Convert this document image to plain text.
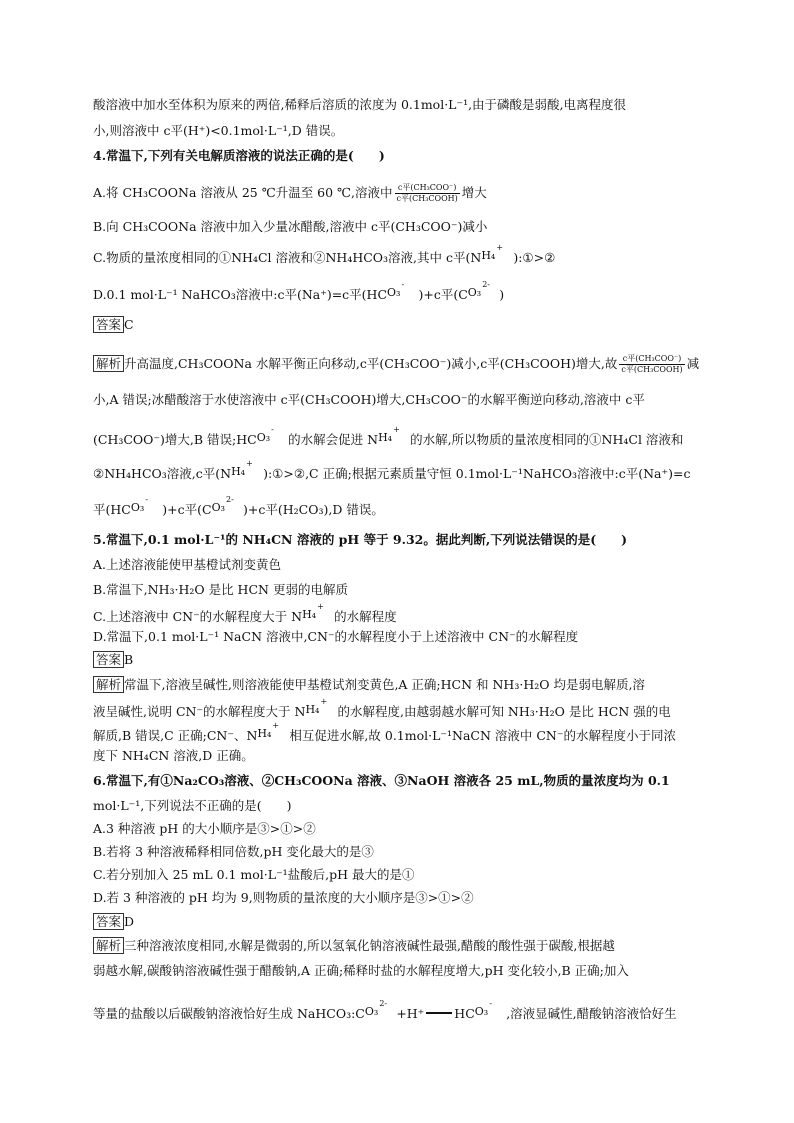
酸溶液中加水至体积为原来的两倍,稀释后溶质的浓度为 0.1mol·L⁻¹,由于磷酸是弱酸,电离程度很
小,则溶液中 c平(H⁺)<0.1mol·L⁻¹,D 错误。
4.常温下,下列有关电解质溶液的说法正确的是(　　)
A.将 CH₃COONa 溶液从 25 ℃升温至 60 ℃,溶液中 $\frac{\text{c平(CH₃COO⁻)}}{\text{c平(CH₃COOH)}}$ 增大
B.向 CH₃COONa 溶液中加入少量冰醋酸,溶液中 c平(CH₃COO⁻)减小
C.物质的量浓度相同的①NH₄Cl 溶液和②NH₄HCO₃溶液,其中 c平(NH₄
+
):①>②
D.0.1 mol·L⁻¹ NaHCO₃溶液中:c平(Na⁺)=c平(HCO₃
-
)+c平(CO₃
2-
)
答案 C
解析 升高温度,CH₃COONa 水解平衡正向移动,c平(CH₃COO⁻)减小,c平(CH₃COOH)增大,故 $\frac{\text{c平(CH₃COO⁻)}}{\text{c平(CH₃COOH)}}$ 减
小,A 错误;冰醋酸溶于水使溶液中 c平(CH₃COOH)增大,CH₃COO⁻的水解平衡逆向移动,溶液中 c平
(CH₃COO⁻)增大,B 错误;HCO₃
-
的水解会促进 NH₄
+
的水解,所以物质的量浓度相同的①NH₄Cl 溶液和
②NH₄HCO₃溶液,c平(NH₄
+
):①>②,C 正确;根据元素质量守恒 0.1mol·L⁻¹NaHCO₃溶液中:c平(Na⁺)=c
平(HCO₃
-
)+c平(CO₃
2-
)+c平(H₂CO₃),D 错误。
5.常温下,0.1 mol·L⁻¹的 NH₄CN 溶液的 pH 等于 9.32。据此判断,下列说法错误的是(　　)
A.上述溶液能使甲基橙试剂变黄色
B.常温下,NH₃·H₂O 是比 HCN 更弱的电解质
C.上述溶液中 CN⁻的水解程度大于 NH₄
+
的水解程度
D.常温下,0.1 mol·L⁻¹ NaCN 溶液中,CN⁻的水解程度小于上述溶液中 CN⁻的水解程度
答案 B
解析 常温下,溶液呈碱性,则溶液能使甲基橙试剂变黄色,A 正确;HCN 和 NH₃·H₂O 均是弱电解质,溶
液呈碱性,说明 CN⁻的水解程度大于 NH₄
+
的水解程度,由越弱越水解可知 NH₃·H₂O 是比 HCN 强的电
解质,B 错误,C 正确;CN⁻、NH₄
+
相互促进水解,故 0.1mol·L⁻¹NaCN 溶液中 CN⁻的水解程度小于同浓
度下 NH₄CN 溶液,D 正确。
6.常温下,有①Na₂CO₃溶液、②CH₃COONa 溶液、③NaOH 溶液各 25 mL,物质的量浓度均为 0.1
mol·L⁻¹,下列说法不正确的是(　　)
A.3 种溶液 pH 的大小顺序是③>①>②
B.若将 3 种溶液稀释相同倍数,pH 变化最大的是③
C.若分别加入 25 mL 0.1 mol·L⁻¹盐酸后,pH 最大的是①
D.若 3 种溶液的 pH 均为 9,则物质的量浓度的大小顺序是③>①>②
答案 D
解析 三种溶液浓度相同,水解是微弱的,所以氢氧化钠溶液碱性最强,醋酸的酸性强于碳酸,根据越
弱越水解,碳酸钠溶液碱性强于醋酸钠,A 正确;稀释时盐的水解程度增大,pH 变化较小,B 正确;加入
等量的盐酸以后碳酸钠溶液恰好生成 NaHCO₃:CO₃
2-
+H⁺ HCO₃
-
,溶液显碱性,醋酸钠溶液恰好生
